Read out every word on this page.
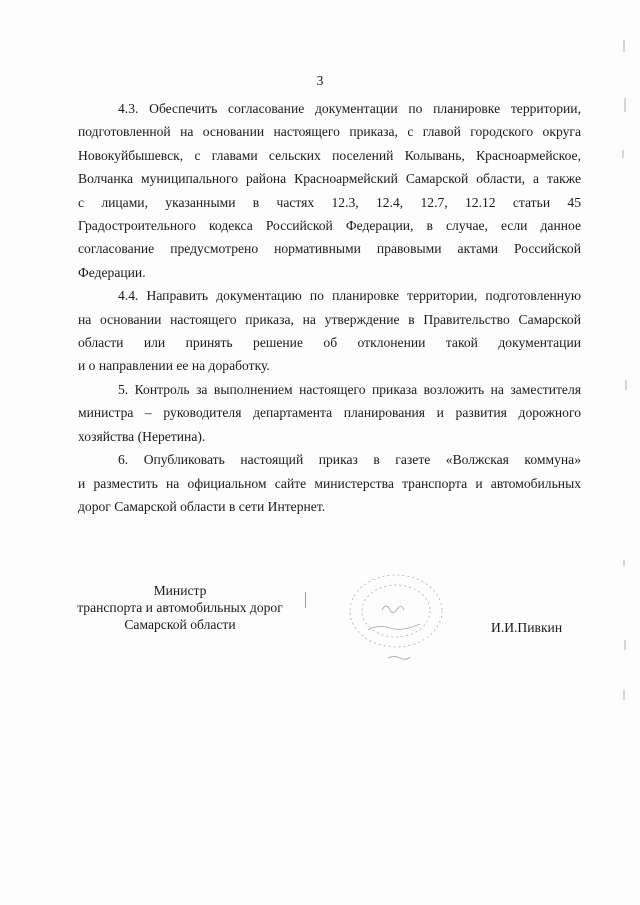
3
4.3. Обеспечить согласование документации по планировке территории,
подготовленной на основании настоящего приказа, с главой городского округа
Новокуйбышевск, с главами сельских поселений Колывань, Красноармейское,
Волчанка муниципального района Красноармейский Самарской области, а также
с лицами, указанными в частях 12.3, 12.4, 12.7, 12.12 статьи 45
Градостроительного кодекса Российской Федерации, в случае, если данное
согласование предусмотрено нормативными правовыми актами Российской
Федерации.
4.4. Направить документацию по планировке территории, подготовленную
на основании настоящего приказа, на утверждение в Правительство Самарской
области или принять решение об отклонении такой документации
и о направлении ее на доработку.
5. Контроль за выполнением настоящего приказа возложить на заместителя
министра – руководителя департамента планирования и развития дорожного
хозяйства (Неретина).
6. Опубликовать настоящий приказ в газете «Волжская коммуна»
и разместить на официальном сайте министерства транспорта и автомобильных
дорог Самарской области в сети Интернет.
Министр
транспорта и автомобильных дорог
Самарской области	И.И.Пивкин
